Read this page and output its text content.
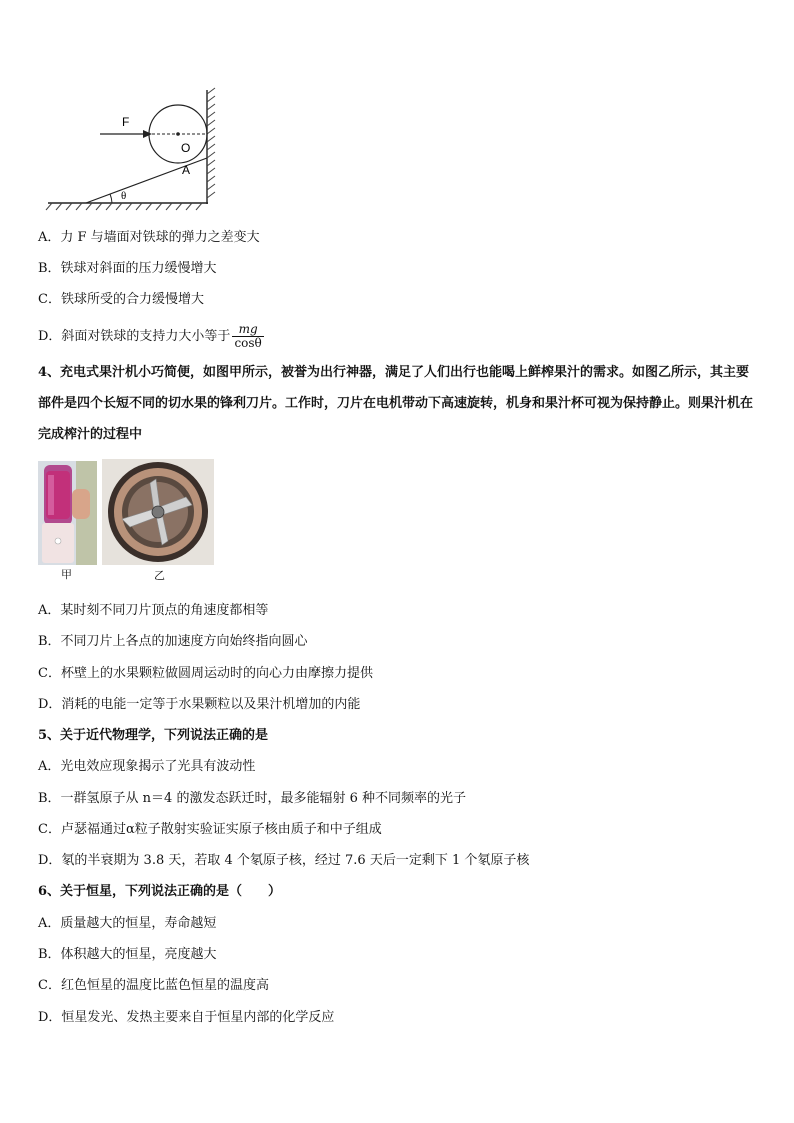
F
O
A
θ
A．力 F 与墙面对铁球的弹力之差变大
B．铁球对斜面的压力缓慢增大
C．铁球所受的合力缓慢增大
D．斜面对铁球的支持力大小等于 $\frac{mg}{\cos\theta}$
4、充电式果汁机小巧简便，如图甲所示，被誉为出行神器，满足了人们出行也能喝上鲜榨果汁的需求。如图乙所示，其主要部件是四个长短不同的切水果的锋利刀片。工作时，刀片在电机带动下高速旋转，机身和果汁杯可视为保持静止。则果汁机在完成榨汁的过程中
甲	乙
A．某时刻不同刀片顶点的角速度都相等
B．不同刀片上各点的加速度方向始终指向圆心
C．杯壁上的水果颗粒做圆周运动时的向心力由摩擦力提供
D．消耗的电能一定等于水果颗粒以及果汁机增加的内能
5、关于近代物理学，下列说法正确的是
A．光电效应现象揭示了光具有波动性
B．一群氢原子从 n＝4 的激发态跃迁时，最多能辐射 6 种不同频率的光子
C．卢瑟福通过α粒子散射实验证实原子核由质子和中子组成
D．氡的半衰期为 3.8 天，若取 4 个氡原子核，经过 7.6 天后一定剩下 1 个氡原子核
6、关于恒星，下列说法正确的是（　　）
A．质量越大的恒星，寿命越短
B．体积越大的恒星，亮度越大
C．红色恒星的温度比蓝色恒星的温度高
D．恒星发光、发热主要来自于恒星内部的化学反应
